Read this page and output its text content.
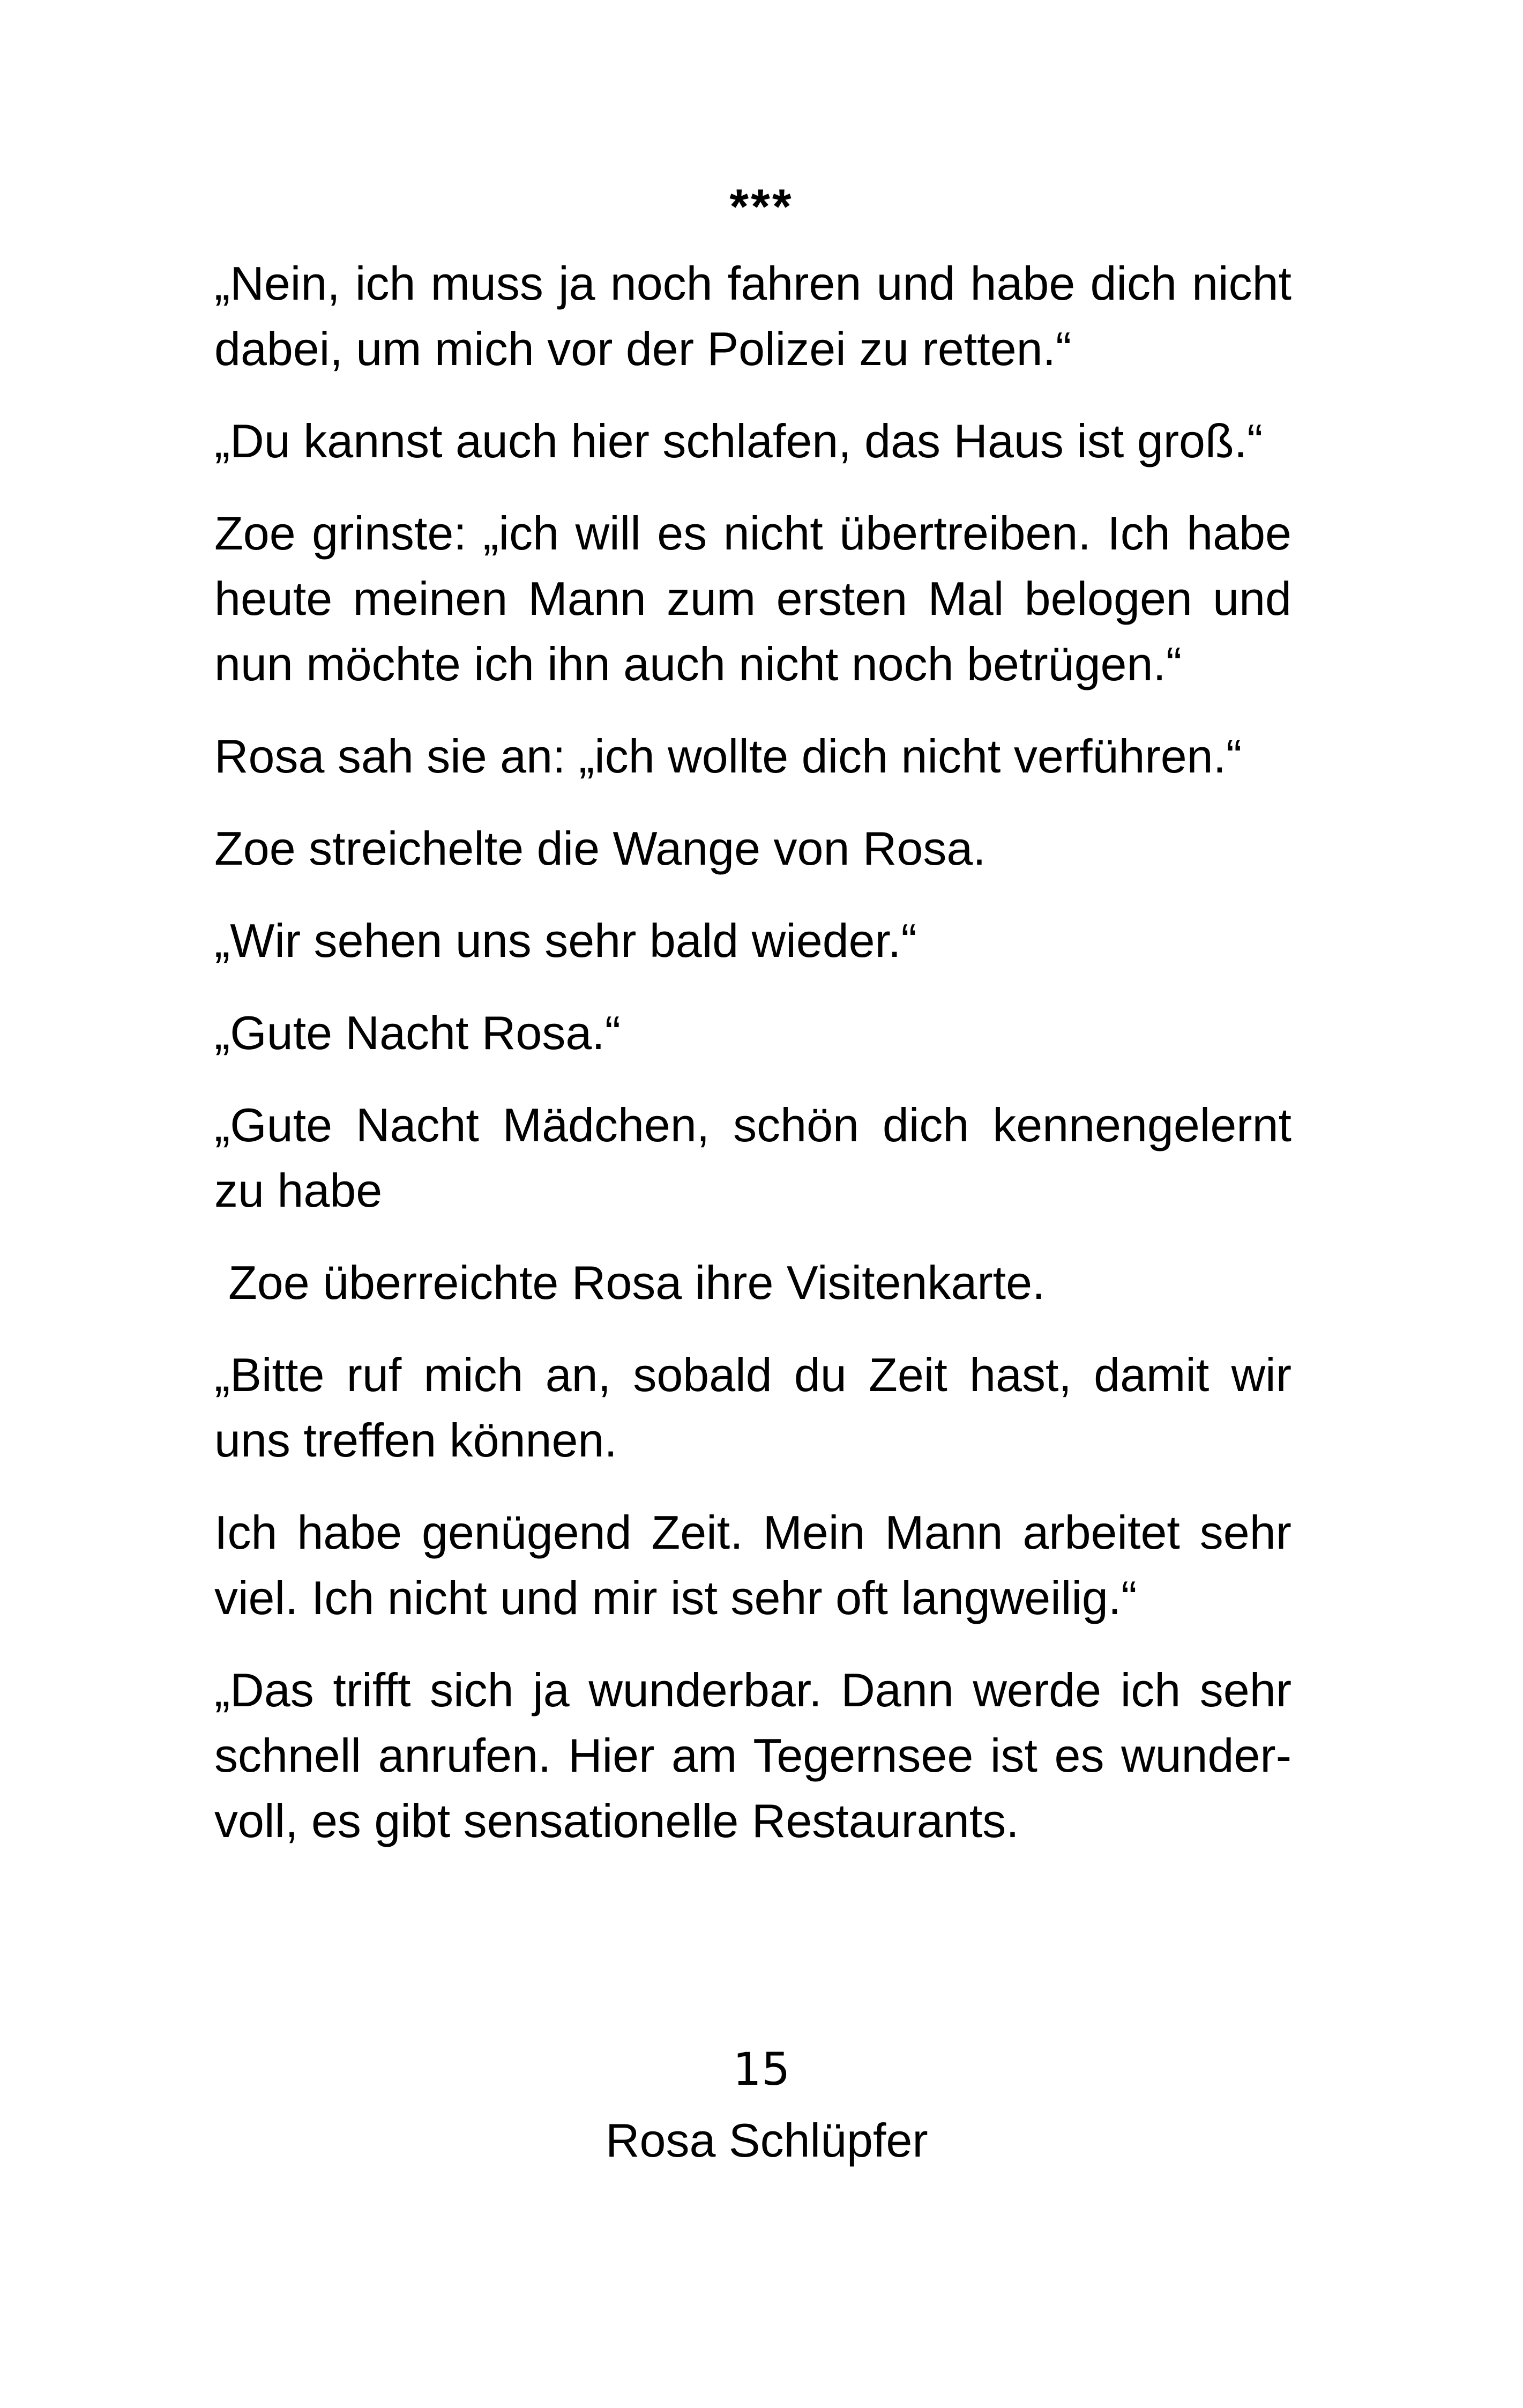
***

„Nein, ich muss ja noch fahren und habe dich nicht dabei, um mich vor der Polizei zu retten.“

„Du kannst auch hier schlafen, das Haus ist groß.“

Zoe grinste: „ich will es nicht übertreiben. Ich habe heute meinen Mann zum ersten Mal belogen und nun möchte ich ihn auch nicht noch betrügen.“

Rosa sah sie an: „ich wollte dich nicht verführen.“

Zoe streichelte die Wange von Rosa.

„Wir sehen uns sehr bald wieder.“

„Gute Nacht Rosa.“

„Gute Nacht Mädchen, schön dich kennengelernt zu habe

Zoe überreichte Rosa ihre Visitenkarte.

„Bitte ruf mich an, sobald du Zeit hast, damit wir uns treffen können.

Ich habe genügend Zeit. Mein Mann arbeitet sehr viel. Ich nicht und mir ist sehr oft langweilig.“

„Das trifft sich ja wunderbar. Dann werde ich sehr schnell anrufen. Hier am Tegernsee ist es wunder-voll, es gibt sensationelle Restaurants.

15
Rosa Schlüpfer
